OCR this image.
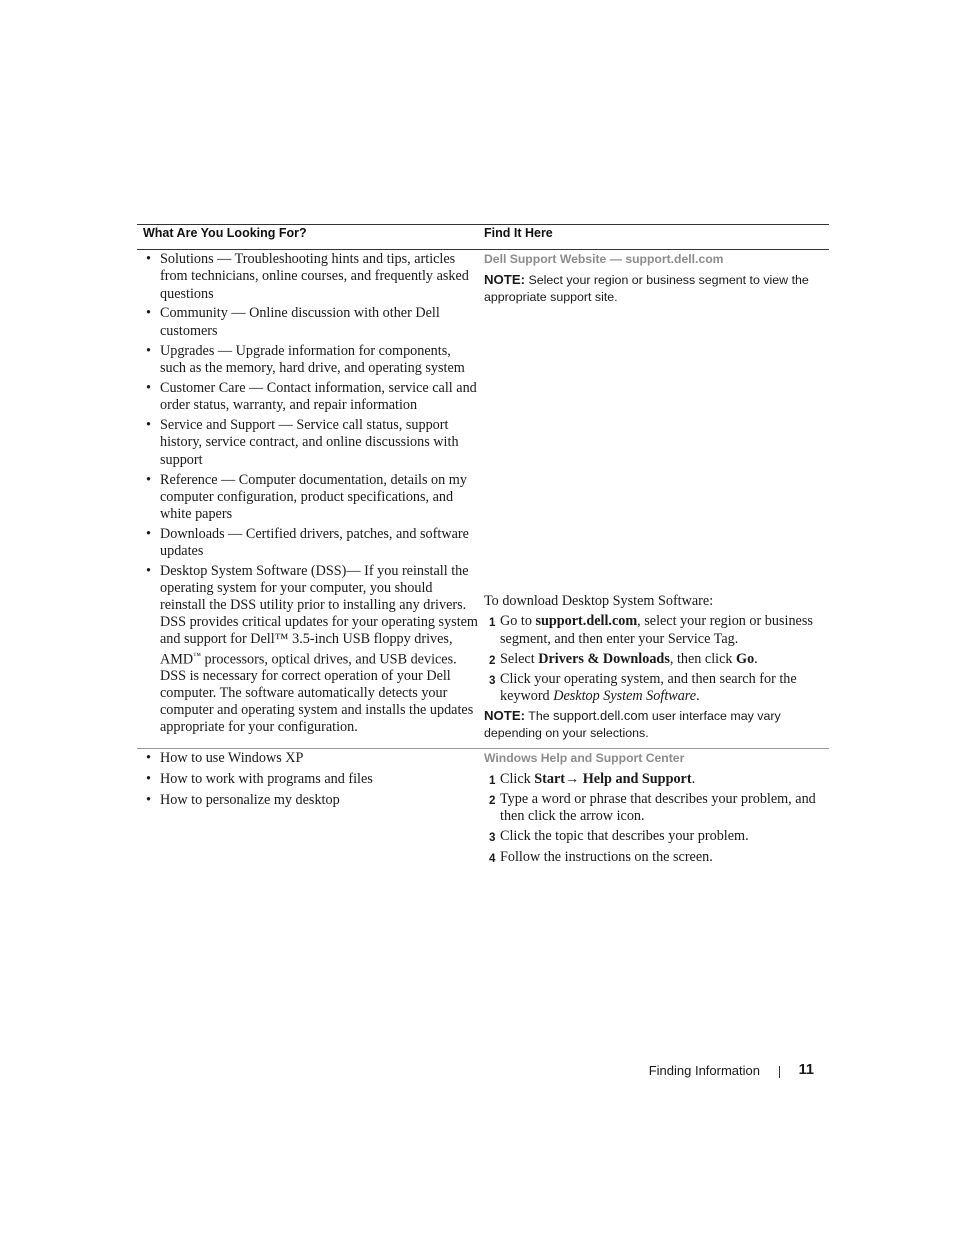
What Are You Looking For?	Find It Here
• Solutions — Troubleshooting hints and tips, articles from technicians, online courses, and frequently asked questions
• Community — Online discussion with other Dell customers
• Upgrades — Upgrade information for components, such as the memory, hard drive, and operating system
• Customer Care — Contact information, service call and order status, warranty, and repair information
• Service and Support — Service call status, support history, service contract, and online discussions with support
• Reference — Computer documentation, details on my computer configuration, product specifications, and white papers
• Downloads — Certified drivers, patches, and software updates
• Desktop System Software (DSS)— If you reinstall the operating system for your computer, you should reinstall the DSS utility prior to installing any drivers. DSS provides critical updates for your operating system and support for Dell™ 3.5-inch USB floppy drives, AMD™ processors, optical drives, and USB devices. DSS is necessary for correct operation of your Dell computer. The software automatically detects your computer and operating system and installs the updates appropriate for your configuration.
Dell Support Website — support.dell.com
NOTE: Select your region or business segment to view the appropriate support site.
To download Desktop System Software:
1 Go to support.dell.com, select your region or business segment, and then enter your Service Tag.
2 Select Drivers & Downloads, then click Go.
3 Click your operating system, and then search for the keyword Desktop System Software.
NOTE: The support.dell.com user interface may vary depending on your selections.
• How to use Windows XP
• How to work with programs and files
• How to personalize my desktop
Windows Help and Support Center
1 Click Start→ Help and Support.
2 Type a word or phrase that describes your problem, and then click the arrow icon.
3 Click the topic that describes your problem.
4 Follow the instructions on the screen.
Finding Information	11
